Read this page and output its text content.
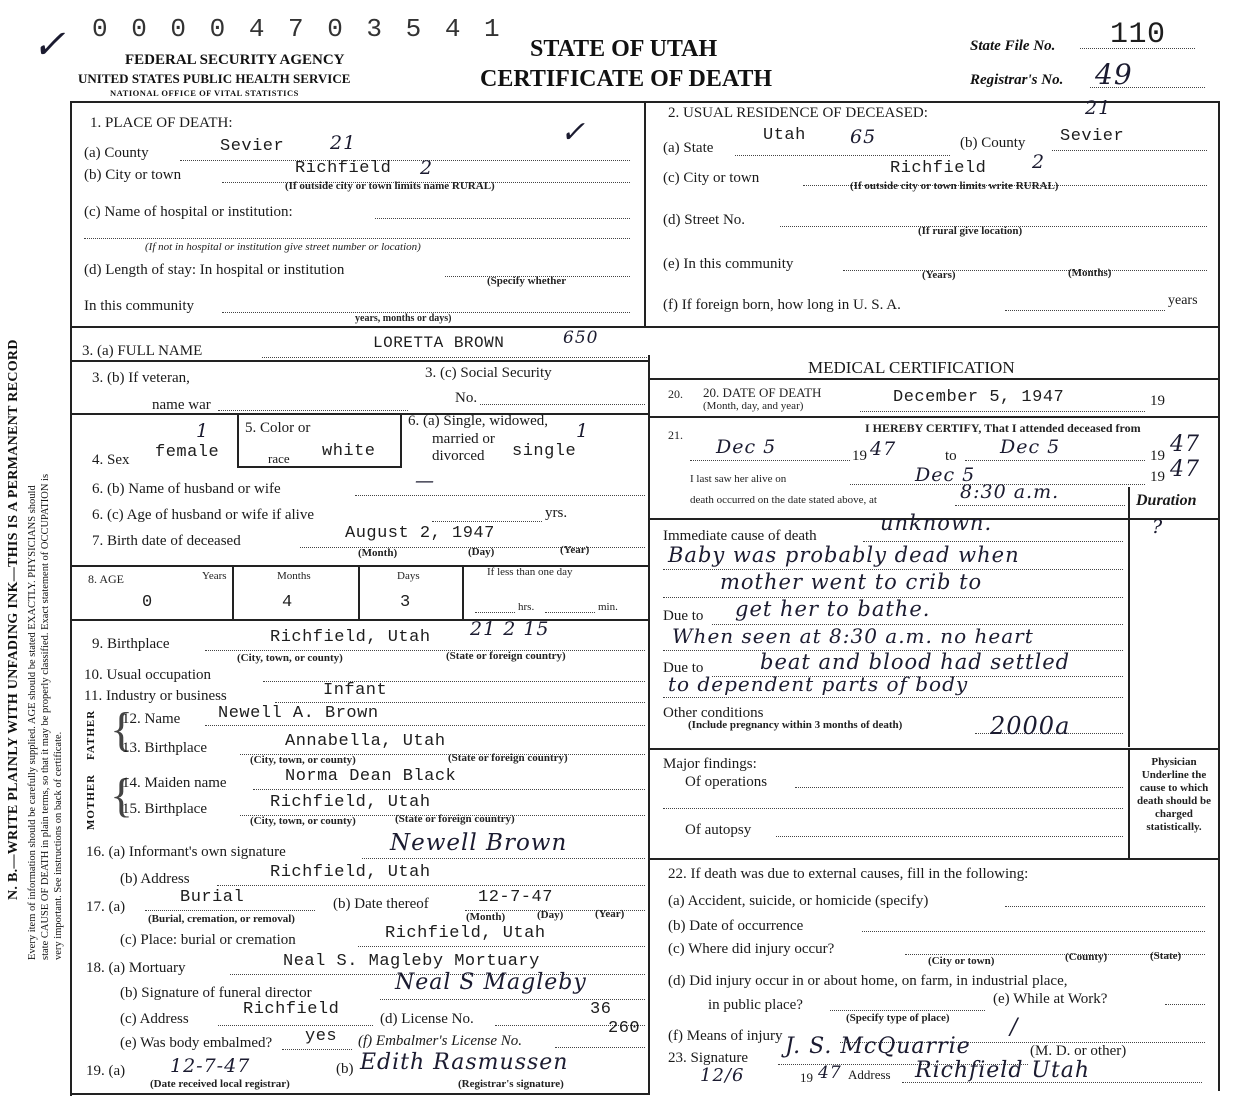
N. B.—WRITE PLAINLY WITH UNFADING INK—THIS IS A PERMANENT RECORD Every item of information should be carefully supplied. AGE should be stated EXACTLY. PHYSICIANS should state CAUSE OF DEATH in plain terms, so that it may be properly classified. Exact statement of OCCUPATION is very important. See instructions on back of certificate.
✓ 0 0 0 0 4 7 0 3 5 4 1
FEDERAL SECURITY AGENCY
UNITED STATES PUBLIC HEALTH SERVICE
NATIONAL OFFICE OF VITAL STATISTICS
STATE OF UTAH
CERTIFICATE OF DEATH
State File No. 110
Registrar's No. 49
1. PLACE OF DEATH:
(a) County	Sevier 21	✓
(b) City or town	Richfield 2
(If outside city or town limits name RURAL)
(c) Name of hospital or institution:
(If not in hospital or institution give street number or location)
(d) Length of stay: In hospital or institution
(Specify whether
In this community
years, months or days)
2. USUAL RESIDENCE OF DECEASED:	21
(a) State
Utah 65	(b) County Sevier
(c) City or town	Richfield 2
(If outside city or town limits write RURAL)
(d) Street No.
(If rural give location)
(e) In this community
(Years)	(Months)
(f) If foreign born, how long in U. S. A.	years
3. (a) FULL NAME	LORETTA BROWN	650
3. (b) If veteran,
name war
3. (c) Social Security
No.
4. Sex female
1 5. Color or
race white
6. (a) Single, widowed,
married or
divorced single
1
6. (b) Name of husband or wife	—
6. (c) Age of husband or wife if alive	yrs.
7. Birth date of deceased	August 2, 1947
(Month)	(Day)	(Year)
8. AGE	Years	Months	Days	If less than one day
0	4	3	hrs.	min.
9. Birthplace	Richfield, Utah 21 2 15
(City, town, or county)	(State or foreign country)
10. Usual occupation
11. Industry or business	Infant
FATHER
MOTHER
{
{
12. Name Newell A. Brown
13. Birthplace	Annabella, Utah
(City, town, or county)	(State or foreign country)
14. Maiden name	Norma Dean Black
15. Birthplace	Richfield, Utah
(City, town, or county)	(State or foreign country)
16. (a) Informant's own signature	Newell Brown
(b) Address	Richfield, Utah
17. (a)	Burial
(Burial, cremation, or removal)
(b) Date thereof	12-7-47
(Month)	(Day)	(Year)
(c) Place: burial or cremation	Richfield, Utah
18. (a) Mortuary	Neal S. Magleby Mortuary
(b) Signature of funeral director	Neal S Magleby
(c) Address	Richfield	(d) License No.	36
(e) Was body embalmed? yes (f) Embalmer's License No.
260
19. (a) 12-7-47
(Date received local registrar)
(b) Edith Rasmussen
(Registrar's signature)
MEDICAL CERTIFICATION
20. 20. DATE OF DEATH
(Month, day, and year)	December 5, 1947	19
21.	I HEREBY CERTIFY, That I attended deceased from
Dec 5	19 47	to Dec 5	19 47
I last saw her alive on	Dec 5	19 47
death occurred on the date stated above, at	8:30 a.m.	Duration
Immediate cause of death
unknown.	?
Baby was probably dead when
mother went to crib to
Due to get her to bathe.
When seen at 8:30 a.m. no heart
Due to	beat and blood had settled
to dependent parts of body
Other conditions
(Include pregnancy within 3 months of death)	2000a
Major findings:
Of operations
Of autopsy
Physician Underline the cause to which death should be charged statistically.
22. If death was due to external causes, fill in the following:
(a) Accident, suicide, or homicide (specify)
(b) Date of occurrence
(c) Where did injury occur?
(City or town)	(County)	(State)
(d) Did injury occur in or about home, on farm, in industrial place,
in public place?
(Specify type of place)
(e) While at Work?
(f) Means of injury	/
23. Signature J. S. McQuarrie	(M. D. or other)
12/6	19 47 Address Richfield Utah
